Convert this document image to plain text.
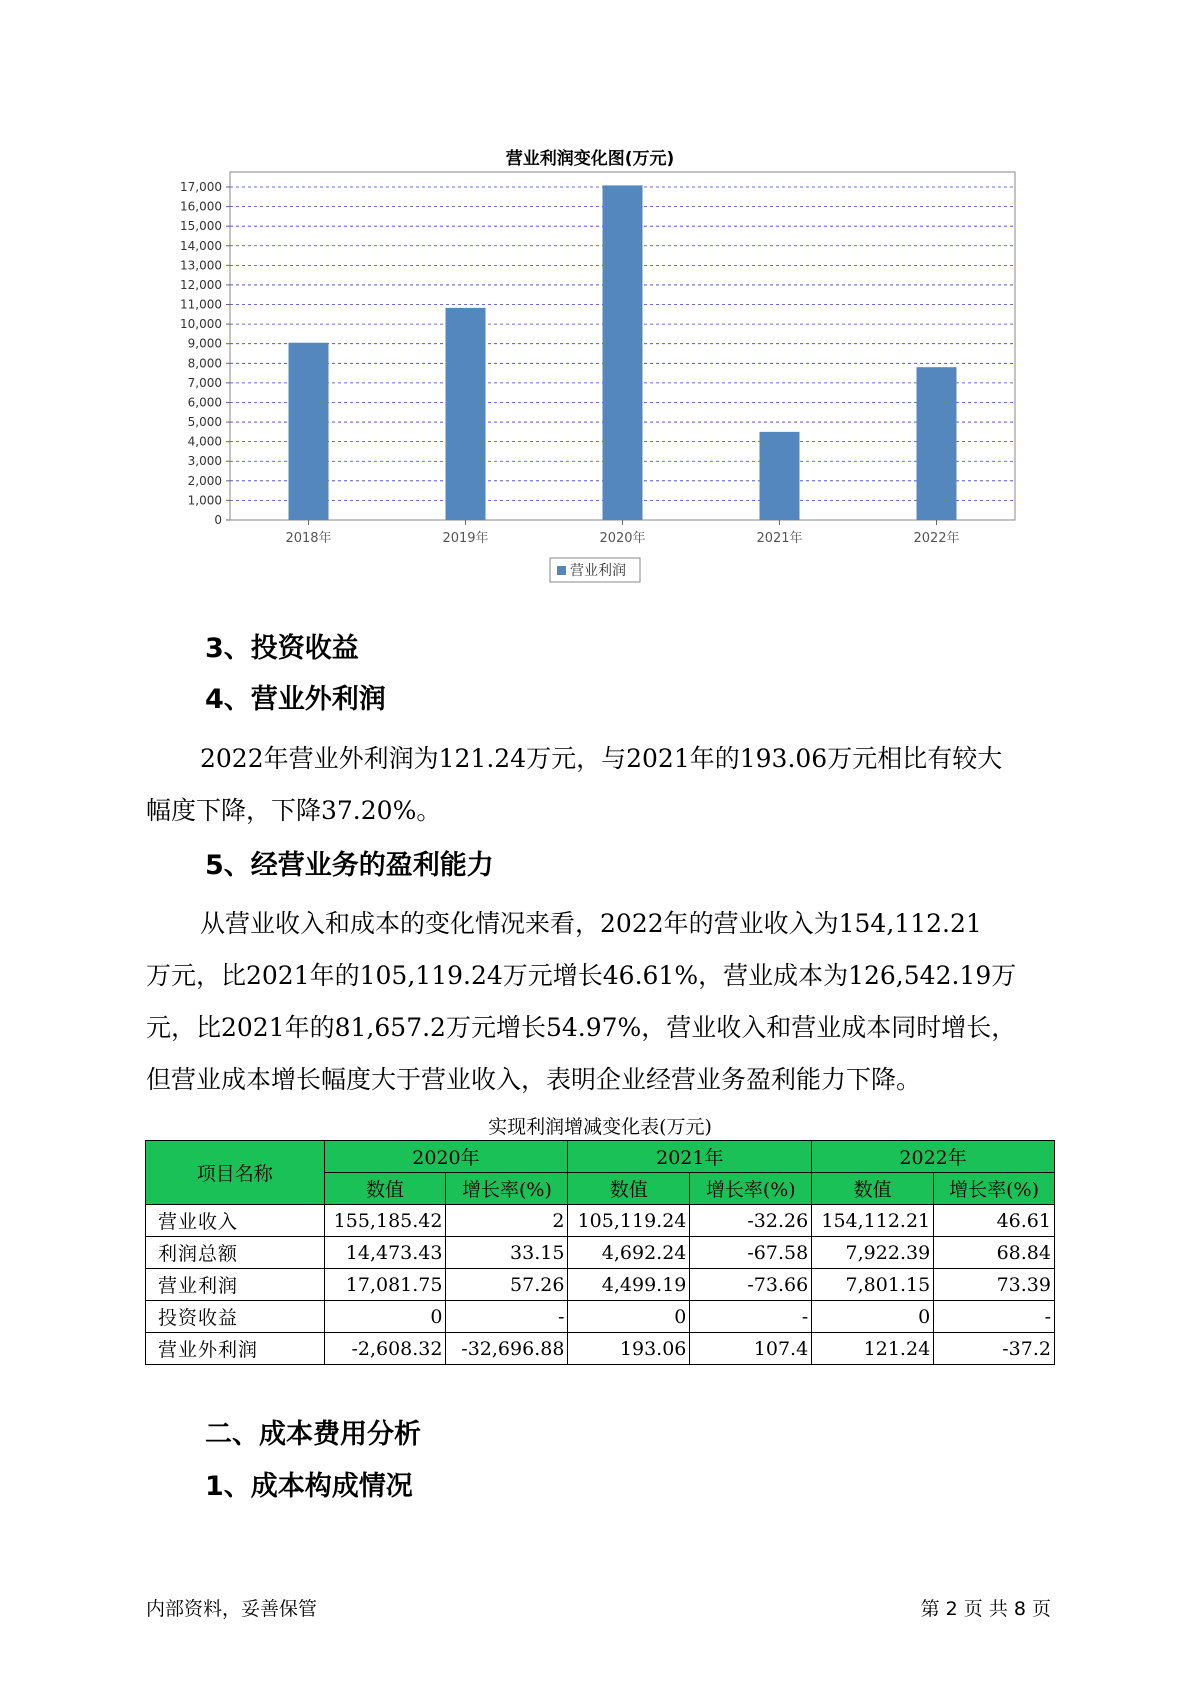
营业利润变化图(万元)
0
1,000
2,000
3,000
4,000
5,000
6,000
7,000
8,000
9,000
10,000
11,000
12,000
13,000
14,000
15,000
16,000
17,000
2018年	2019年	2020年	2021年	2022年
营业利润
3、投资收益
4、营业外利润
2022年营业外利润为121.24万元，与2021年的193.06万元相比有较大
幅度下降，下降37.20%。
5、经营业务的盈利能力
从营业收入和成本的变化情况来看，2022年的营业收入为154,112.21
万元，比2021年的105,119.24万元增长46.61%，营业成本为126,542.19万
元，比2021年的81,657.2万元增长54.97%，营业收入和营业成本同时增长，
但营业成本增长幅度大于营业收入，表明企业经营业务盈利能力下降。
实现利润增减变化表(万元)
项目名称	2020年		2021年		2022年	
	数值	增长率(%)	数值	增长率(%)	数值	增长率(%)
营业收入	155,185.42	2	105,119.24	-32.26	154,112.21	46.61
利润总额	14,473.43	33.15	4,692.24	-67.58	7,922.39	68.84
营业利润	17,081.75	57.26	4,499.19	-73.66	7,801.15	73.39
投资收益	0	-	0	-	0	-
营业外利润	-2,608.32	-32,696.88	193.06	107.4	121.24	-37.2
二、成本费用分析
1、成本构成情况
内部资料，妥善保管	第 2 页 共 8 页
